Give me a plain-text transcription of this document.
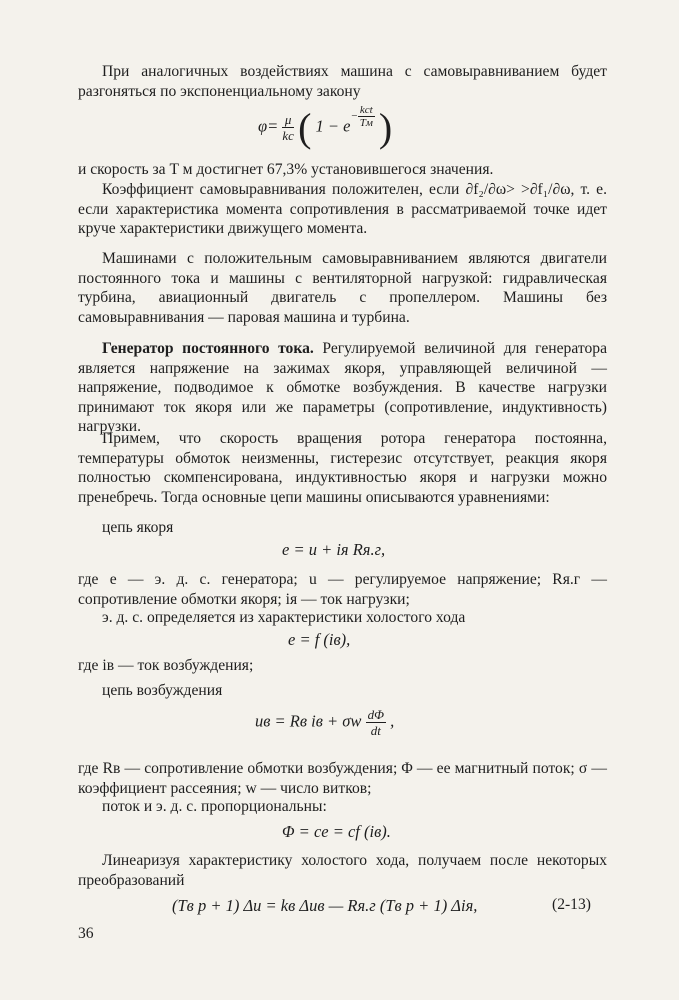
При аналогичных воздействиях машина с самовыравниванием будет разгоняться по экспоненциальному закону

$\varphi= \frac{\mu}{kс}$ ( $1 - e^{- \frac{\text{kсt}}{Tм}}$ )

и скорость за T м достигнет 67,3% установившегося значения.

Коэффициент самовыравнивания положителен, если ∂f₂/∂ω> >∂f₁/∂ω, т. е. если характеристика момента сопротивления в рассматриваемой точке идет круче характеристики движущего момента.

Машинами с положительным самовыравниванием являются двигатели постоянного тока и машины с вентиляторной нагрузкой: гидравлическая турбина, авиационный двигатель с пропеллером. Машины без самовыравнивания — паровая машина и турбина.

Генератор постоянного тока. Регулируемой величиной для генератора является напряжение на зажимах якоря, управляющей величиной — напряжение, подводимое к обмотке возбуждения. В качестве нагрузки принимают ток якоря или же параметры (сопротивление, индуктивность) нагрузки.

Примем, что скорость вращения ротора генератора постоянна, температуры обмоток неизменны, гистерезис отсутствует, реакция якоря полностью скомпенсирована, индуктивностью якоря и нагрузки можно пренебречь. Тогда основные цепи машины описываются уравнениями:

цепь якоря

e = u + iя Rя.г,

где e — э. д. с. генератора; u — регулируемое напряжение; Rя.г — сопротивление обмотки якоря; iя — ток нагрузки;

э. д. с. определяется из характеристики холостого хода

e = f (iв),

где iв — ток возбуждения;

цепь возбуждения

uв = Rв iв + σw $\frac{d\Phi}{dt}$ ,

где Rв — сопротивление обмотки возбуждения; Φ — ее магнитный поток; σ — коэффициент рассеяния; w — число витков;

поток и э. д. с. пропорциональны:

Φ = ce = cf (iв).

Линеаризуя характеристику холостого хода, получаем после некоторых преобразований

(Tв p + 1) Δu = kв Δuв — Rя.г (Tв p + 1) Δiя,	(2-13)
36
